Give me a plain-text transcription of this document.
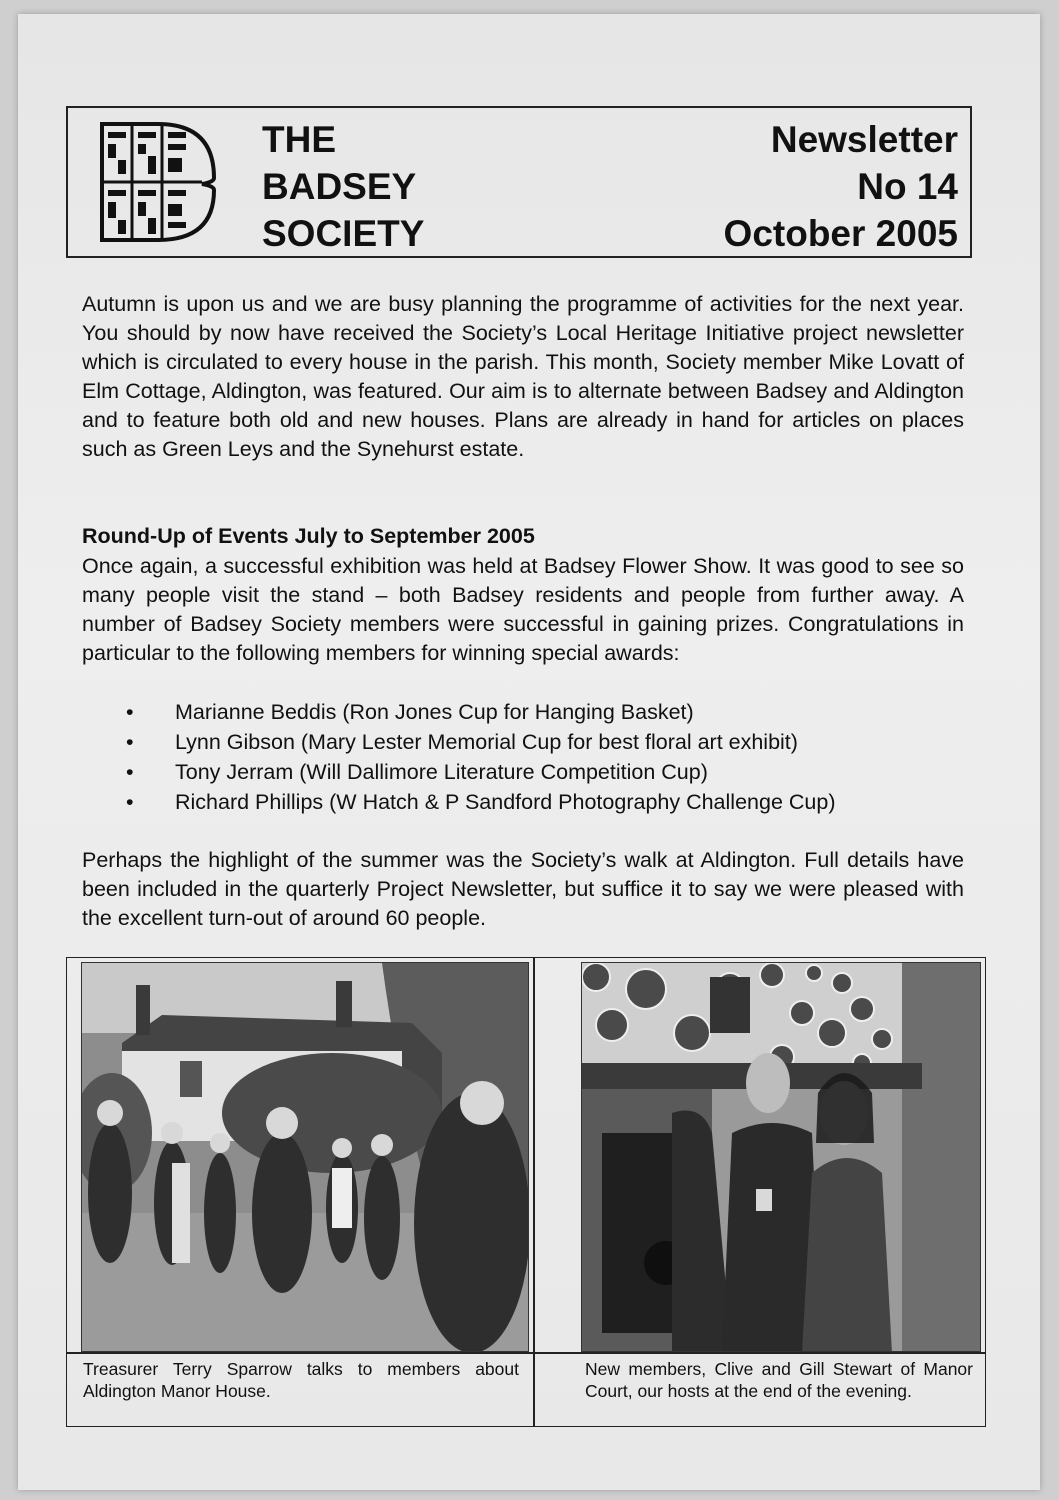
THE
BADSEY
SOCIETY
Newsletter
No 14
October 2005
Autumn is upon us and we are busy planning the programme of activities for the next year. You should by now have received the Society’s Local Heritage Initiative project newsletter which is circulated to every house in the parish. This month, Society member Mike Lovatt of Elm Cottage, Aldington, was featured. Our aim is to alternate between Badsey and Aldington and to feature both old and new houses. Plans are already in hand for articles on places such as Green Leys and the Synehurst estate.
Round-Up of Events July to September 2005
Once again, a successful exhibition was held at Badsey Flower Show. It was good to see so many people visit the stand – both Badsey residents and people from further away. A number of Badsey Society members were successful in gaining prizes. Congratulations in particular to the following members for winning special awards:
• Marianne Beddis (Ron Jones Cup for Hanging Basket)
• Lynn Gibson (Mary Lester Memorial Cup for best floral art exhibit)
• Tony Jerram (Will Dallimore Literature Competition Cup)
• Richard Phillips (W Hatch & P Sandford Photography Challenge Cup)
Perhaps the highlight of the summer was the Society’s walk at Aldington. Full details have been included in the quarterly Project Newsletter, but suffice it to say we were pleased with the excellent turn-out of around 60 people.
Treasurer Terry Sparrow talks to members about Aldington Manor House.
New members, Clive and Gill Stewart of Manor Court, our hosts at the end of the evening.
